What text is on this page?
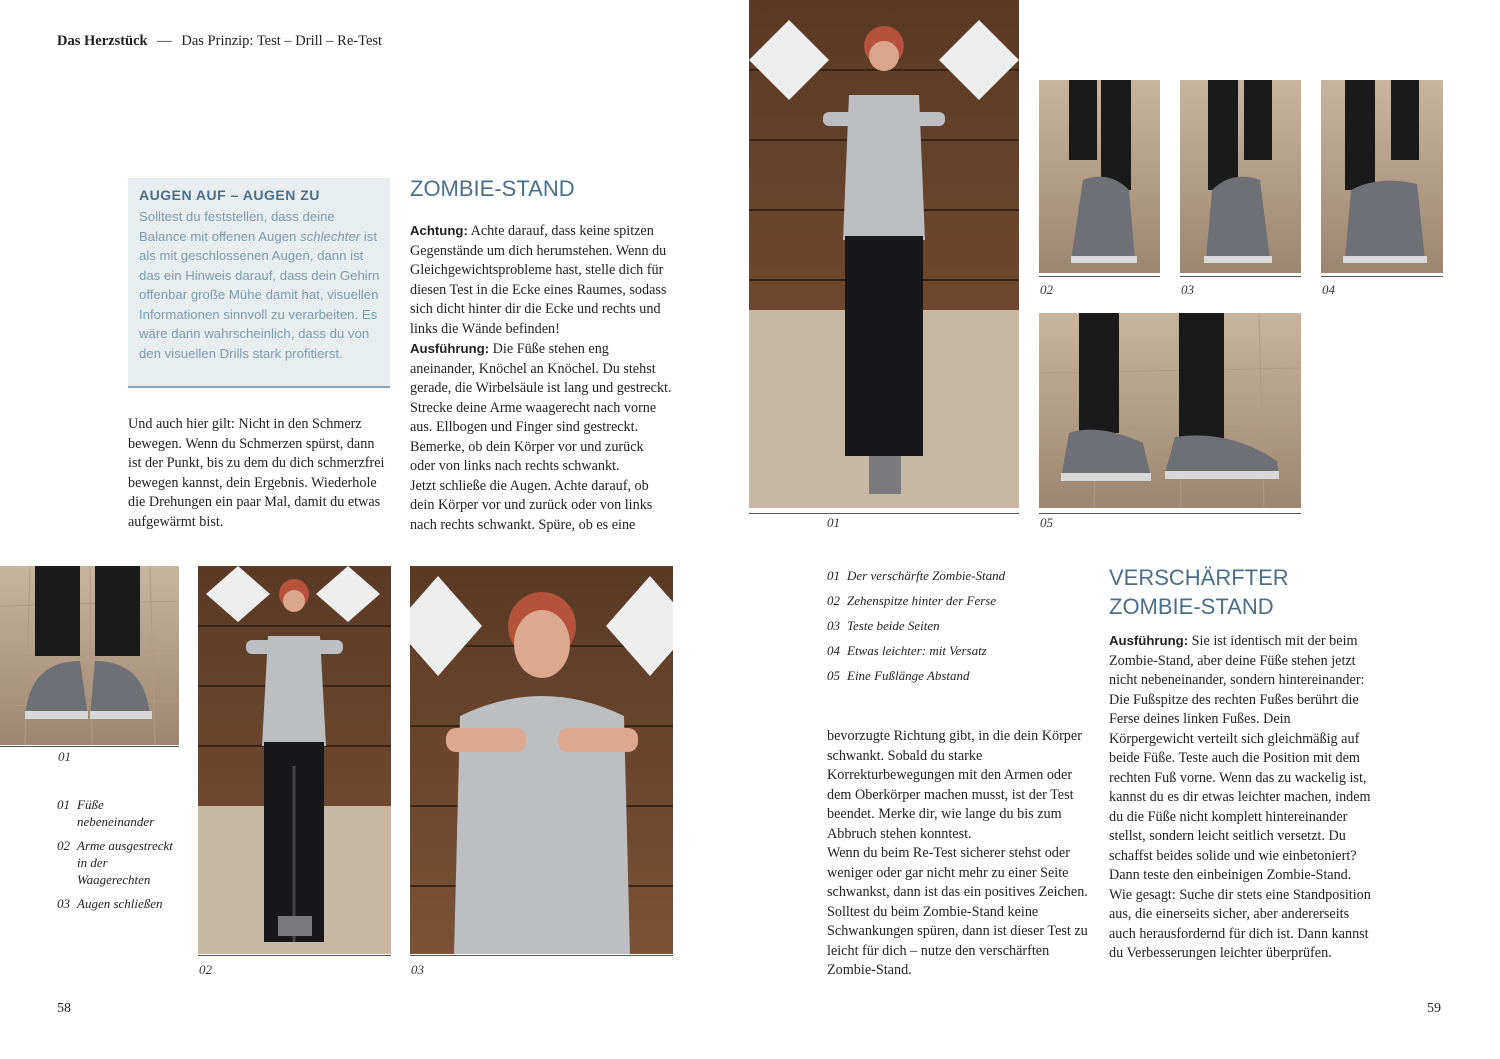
Das Herzstück — Das Prinzip: Test – Drill – Re-Test
AUGEN AUF – AUGEN ZU

Solltest du feststellen, dass deine Balance mit offenen Augen schlechter ist als mit geschlossenen Augen, dann ist das ein Hinweis darauf, dass dein Gehirn offenbar große Mühe damit hat, visuellen Informationen sinnvoll zu verarbeiten. Es wäre dann wahrscheinlich, dass du von den visuellen Drills stark profitierst.

Und auch hier gilt: Nicht in den Schmerz bewegen. Wenn du Schmerzen spürst, dann ist der Punkt, bis zu dem du dich schmerzfrei bewegen kannst, dein Ergebnis. Wiederhole die Drehungen ein paar Mal, damit du etwas aufgewärmt bist.

ZOMBIE-STAND

Achtung: Achte darauf, dass keine spitzen Gegenstände um dich herumstehen. Wenn du Gleichgewichtsprobleme hast, stelle dich für diesen Test in die Ecke eines Raumes, sodass sich dicht hinter dir die Ecke und rechts und links die Wände befinden!

Ausführung: Die Füße stehen eng aneinander, Knöchel an Knöchel. Du stehst gerade, die Wirbelsäule ist lang und gestreckt. Strecke deine Arme waagerecht nach vorne aus. Ellbogen und Finger sind gestreckt. Bemerke, ob dein Körper vor und zurück oder von links nach rechts schwankt.

Jetzt schließe die Augen. Achte darauf, ob dein Körper vor und zurück oder von links nach rechts schwankt. Spüre, ob es eine

01
02	03
01 Füße nebeneinander
02 Arme ausgestreckt in der Waagerechten
03 Augen schließen
58
01
02	03	04
05
01 Der verschärfte Zombie-Stand
02 Zehenspitze hinter der Ferse
03 Teste beide Seiten
04 Etwas leichter: mit Versatz
05 Eine Fußlänge Abstand

bevorzugte Richtung gibt, in die dein Körper schwankt. Sobald du starke Korrekturbewegungen mit den Armen oder dem Oberkörper machen musst, ist der Test beendet. Merke dir, wie lange du bis zum Abbruch stehen konntest.

Wenn du beim Re-Test sicherer stehst oder weniger oder gar nicht mehr zu einer Seite schwankst, dann ist das ein positives Zeichen. Solltest du beim Zombie-Stand keine Schwankungen spüren, dann ist dieser Test zu leicht für dich – nutze den verschärften Zombie-Stand.

VERSCHÄRFTER
ZOMBIE-STAND

Ausführung: Sie ist identisch mit der beim Zombie-Stand, aber deine Füße stehen jetzt nicht nebeneinander, sondern hintereinander: Die Fußspitze des rechten Fußes berührt die Ferse deines linken Fußes. Dein Körpergewicht verteilt sich gleichmäßig auf beide Füße. Teste auch die Position mit dem rechten Fuß vorne. Wenn das zu wackelig ist, kannst du es dir etwas leichter machen, indem du die Füße nicht komplett hintereinander stellst, sondern leicht seitlich versetzt. Du schaffst beides solide und wie einbetoniert? Dann teste den einbeinigen Zombie-Stand. Wie gesagt: Suche dir stets eine Standposition aus, die einerseits sicher, aber andererseits auch herausfordernd für dich ist. Dann kannst du Verbesserungen leichter überprüfen.

59
